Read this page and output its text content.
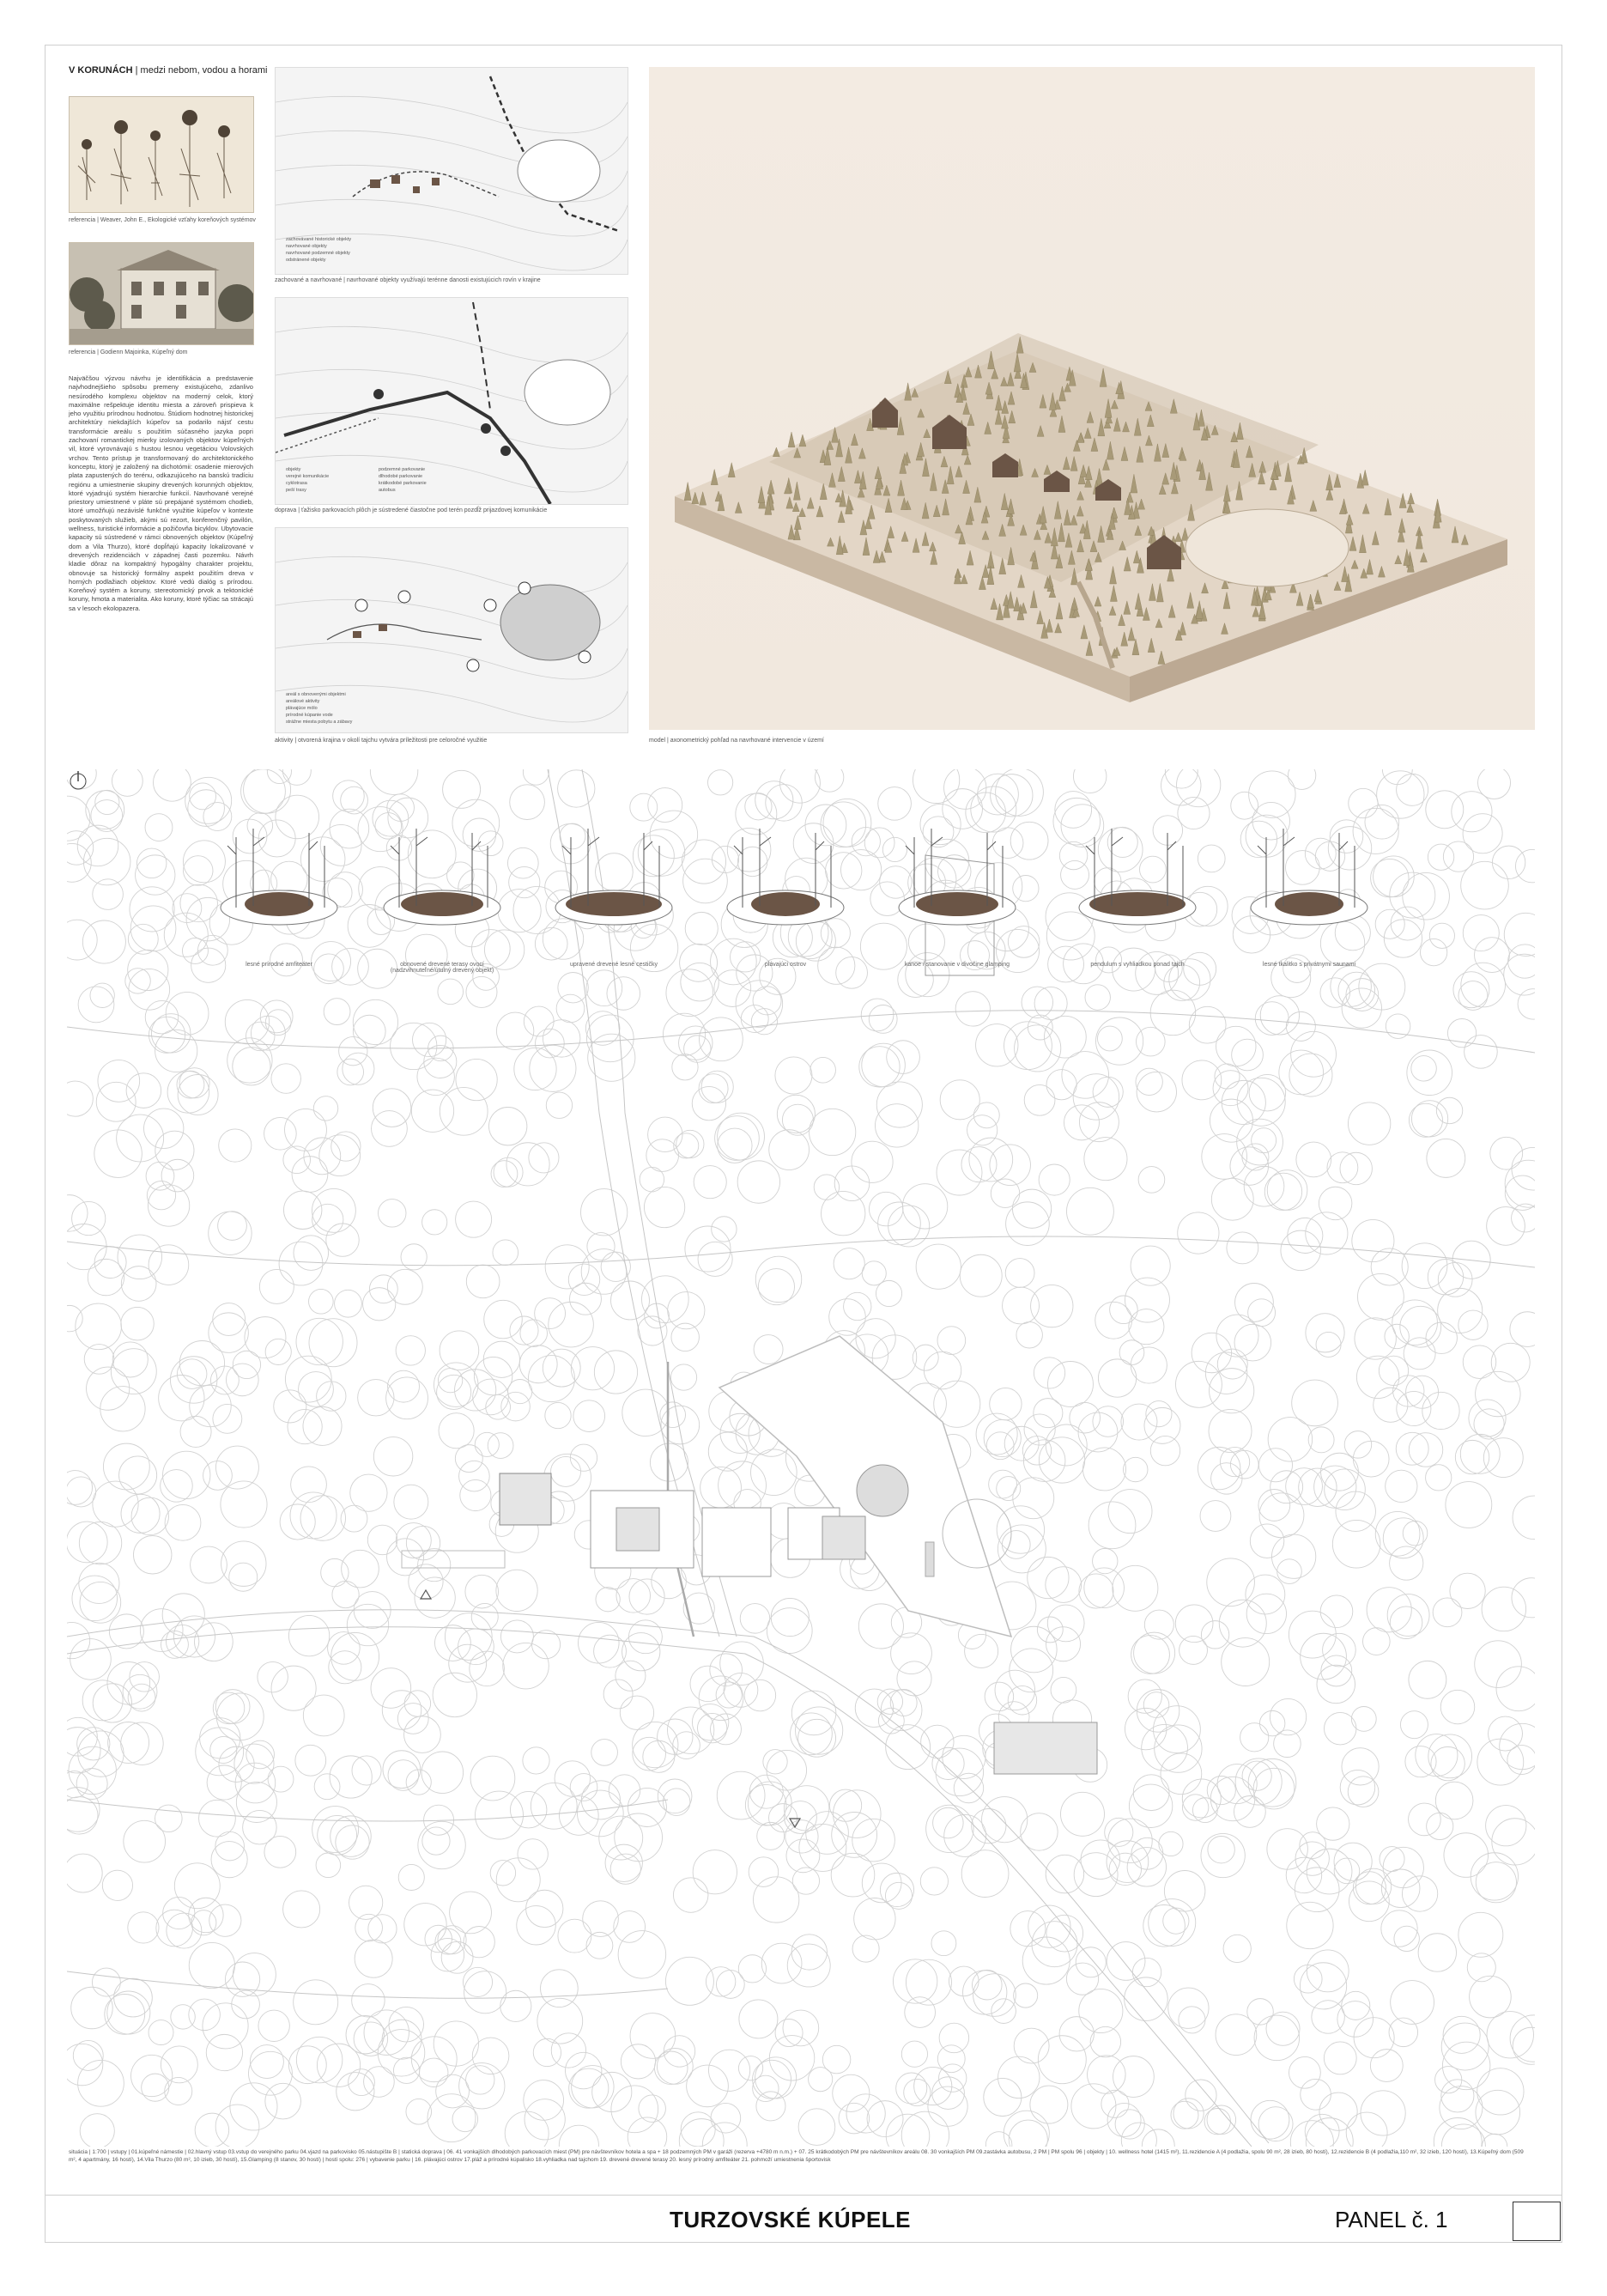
V KORUNÁCH | medzi nebom, vodou a horami
referencia | Weaver, John E., Ekologické vzťahy koreňových systémov
referencia | Godienn Majoinka, Kúpeľný dom
Najväčšou výzvou návrhu je identifikácia a predstavenie najvhodnejšieho spôsobu premeny existujúceho, zdanlivo nesúrodého komplexu objektov na moderný celok, ktorý maximálne rešpektuje identitu miesta a zároveň prispieva k jeho využitiu prírodnou hodnotou. Štúdiom hodnotnej historickej architektúry niekdajších kúpeľov sa podarilo nájsť cestu transformácie areálu s použitím súčasného jazyka popri zachovaní romantickej mierky izolovaných objektov kúpeľných vil, ktoré vyrovnávajú s hustou lesnou vegetáciou Volovských vrchov. Tento prístup je transformovaný do architektonického konceptu, ktorý je založený na dichotómii: osadenie mierových plata zapustených do terénu, odkazujúceho na banskú tradíciu regiónu a umiestnenie skupiny drevených korunných objektov, ktoré vyjadrujú systém hierarchie funkcií. Navrhované verejné priestory umiestnené v pláte sú prepájané systémom chodieb, ktoré umožňujú nezávislé funkčné využitie kúpeľov v kontexte poskytovaných služieb, akými sú rezort, konferenčný pavilón, wellness, turistické informácie a požičovňa bicyklov. Ubytovacie kapacity sú sústredené v rámci obnovených objektov (Kúpeľný dom a Vila Thurzo), ktoré dopĺňajú kapacity lokalizované v drevených rezidenciách v západnej časti pozemku. Návrh kladie dôraz na kompaktný hypogálny charakter projektu, obnovuje sa historický formálny aspekt použitím dreva v horných podlažiach objektov. Ktoré vedú dialóg s prírodou. Koreňový systém a koruny, stereotomický prvok a tektonické koruny, hmota a materialita. Ako koruny, ktoré týčiac sa strácajú sa v lesoch ekolopazera.
zachovávané historické objekty
navrhované objekty
navrhované podzemné objekty
odstránené objekty
zachované a navrhované | navrhované objekty využívajú terénne danosti existujúcich rovín v krajine
objekty
verejné komunikácie
cyklotrasa
peší trasy
podzemné parkovanie
dlhodobé parkovanie
krátkodobé parkovanie
autobus
doprava | ťažisko parkovacích plôch je sústredené čiastočne pod terén pozdĺž prijazdovej komunikácie
areál s obnovenými objektmi
areálové aktivity
plávajúce mólo
prírodné kúpanie vode
strážne miesta pobytu a zábavy
aktivity | otvorená krajina v okolí tajchu vytvára príležitosti pre celoročné využitie	model | axonometrický pohľad na navrhované intervencie v území
lesné prírodné amfiteáter	obnovené drevené terasy ovocí (nadzvihnuteľné/útulný drevený objekt)
upravené drevené lesné cestičky	plávajúci ostrov	kanoe / stanovanie v divočine glamping	pendulum s vyhliadkou ponad tajch	lesné tkalitko s privátnymi saunami
situácia | 1:700 | vstupy | 01.kúpeľné námestie | 02.hlavný vstup 03.vstup do verejného parku 04.vjazd na parkovisko 05.nástupište B | statická doprava | 06. 41 vonkajších dlhodobých parkovacích miest (PM) pre návštevníkov hotela a spa + 18 podzemných PM v garáži (rezerva +4780 m n.m.) + 07. 25 krátkodobých PM pre návštevníkov areálu 08. 30 vonkajších PM 09.zastávka autobusu, 2 PM | PM spolu 96 | objekty | 10. wellness hotel (1415 m²), 11.rezidencie A (4 podlažia, spolu 90 m², 28 izieb, 80 hostí), 12.rezidencie B (4 podlažia,110 m², 32 izieb, 120 hostí), 13.Kúpeľný dom (509 m², 4 apartmány, 16 hostí), 14.Vila Thurzo (80 m², 10 izieb, 30 hostí), 15.Glamping (8 stanov, 30 hostí) | hostí spolu: 276 | vybavenie parku | 16. plávajúci ostrov 17.pláž a prírodné kúpalisko 18.vyhliadka nad tajchom 19. drevené drevené terasy 20. lesný prírodný amfiteáter 21. pohmoží umiestnenia športovisk
TURZOVSKÉ KÚPELE	PANEL č. 1
